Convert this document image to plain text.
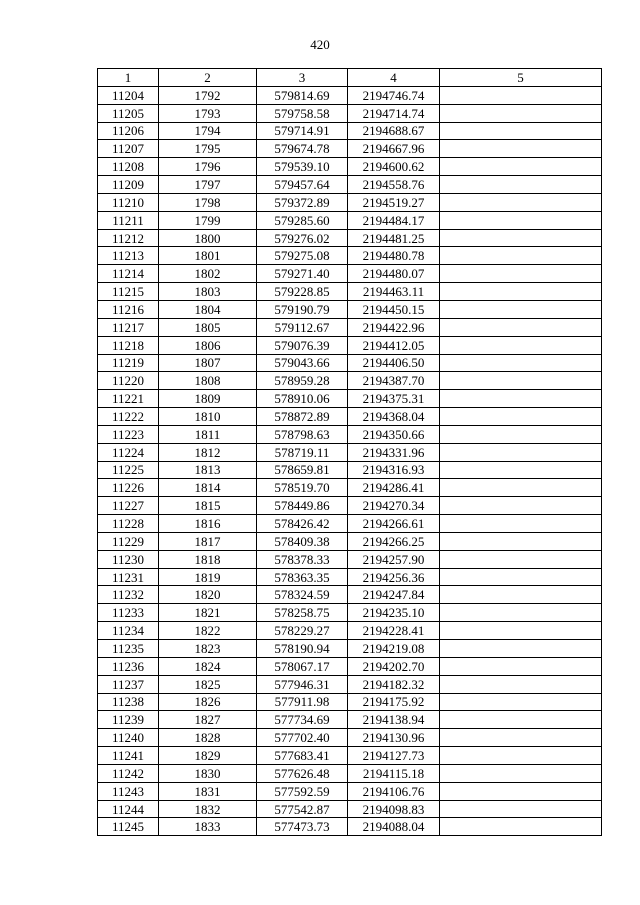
420
1	2	3	4	5
11204	1792	579814.69	2194746.74	
11205	1793	579758.58	2194714.74	
11206	1794	579714.91	2194688.67	
11207	1795	579674.78	2194667.96	
11208	1796	579539.10	2194600.62	
11209	1797	579457.64	2194558.76	
11210	1798	579372.89	2194519.27	
11211	1799	579285.60	2194484.17	
11212	1800	579276.02	2194481.25	
11213	1801	579275.08	2194480.78	
11214	1802	579271.40	2194480.07	
11215	1803	579228.85	2194463.11	
11216	1804	579190.79	2194450.15	
11217	1805	579112.67	2194422.96	
11218	1806	579076.39	2194412.05	
11219	1807	579043.66	2194406.50	
11220	1808	578959.28	2194387.70	
11221	1809	578910.06	2194375.31	
11222	1810	578872.89	2194368.04	
11223	1811	578798.63	2194350.66	
11224	1812	578719.11	2194331.96	
11225	1813	578659.81	2194316.93	
11226	1814	578519.70	2194286.41	
11227	1815	578449.86	2194270.34	
11228	1816	578426.42	2194266.61	
11229	1817	578409.38	2194266.25	
11230	1818	578378.33	2194257.90	
11231	1819	578363.35	2194256.36	
11232	1820	578324.59	2194247.84	
11233	1821	578258.75	2194235.10	
11234	1822	578229.27	2194228.41	
11235	1823	578190.94	2194219.08	
11236	1824	578067.17	2194202.70	
11237	1825	577946.31	2194182.32	
11238	1826	577911.98	2194175.92	
11239	1827	577734.69	2194138.94	
11240	1828	577702.40	2194130.96	
11241	1829	577683.41	2194127.73	
11242	1830	577626.48	2194115.18	
11243	1831	577592.59	2194106.76	
11244	1832	577542.87	2194098.83	
11245	1833	577473.73	2194088.04	
